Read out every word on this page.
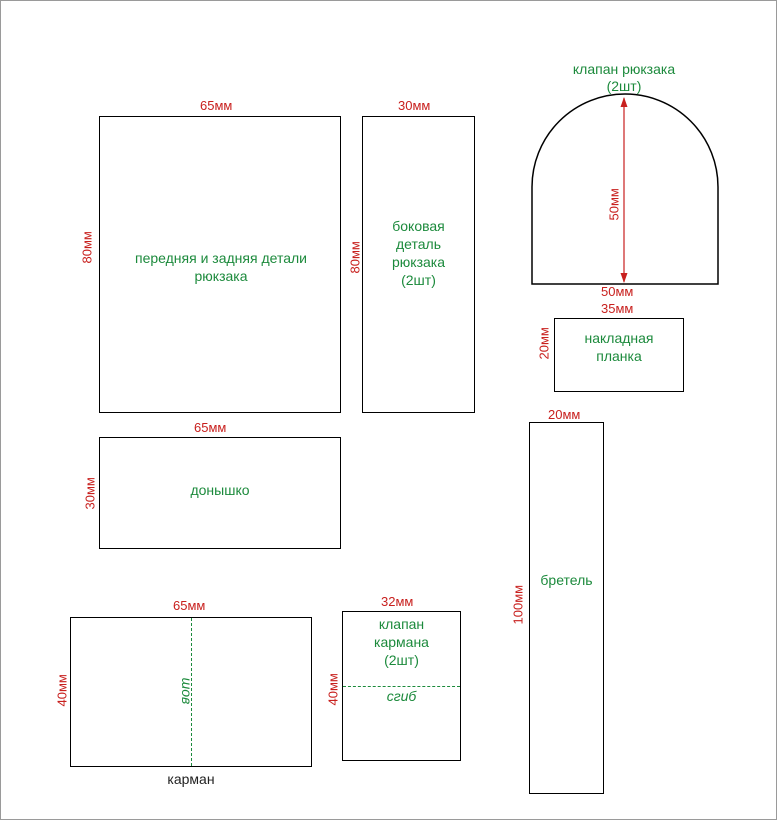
65мм
80мм	передняя и задняя детали рюкзака
30мм
80мм
боковая
деталь
рюкзака
(2шт)
клапан рюкзака
(2шт)
50мм
50мм
35мм
20мм	накладная
планка
65мм
30мм	донышко
20мм
100мм
бретель
65мм
40мм	шов
карман
32мм
40мм
клапан
кармана
(2шт)
сгиб
